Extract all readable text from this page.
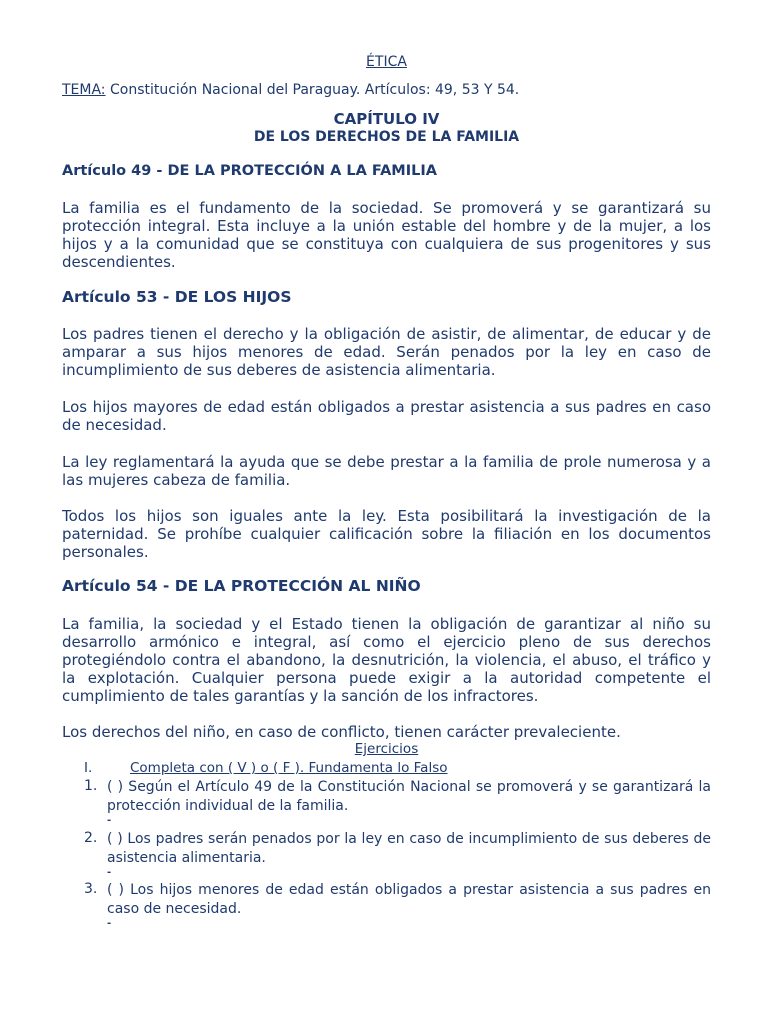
ÉTICA
TEMA: Constitución Nacional del Paraguay. Artículos: 49, 53 Y 54.
CAPÍTULO IV
DE LOS DERECHOS DE LA FAMILIA
Artículo 49 - DE LA PROTECCIÓN A LA FAMILIA
La familia es el fundamento de la sociedad. Se promoverá y se garantizará su protección integral. Esta incluye a la unión estable del hombre y de la mujer, a los hijos y a la comunidad que se constituya con cualquiera de sus progenitores y sus descendientes.
Artículo 53 - DE LOS HIJOS
Los padres tienen el derecho y la obligación de asistir, de alimentar, de educar y de amparar a sus hijos menores de edad. Serán penados por la ley en caso de incumplimiento de sus deberes de asistencia alimentaria.
Los hijos mayores de edad están obligados a prestar asistencia a sus padres en caso de necesidad.
La ley reglamentará la ayuda que se debe prestar a la familia de prole numerosa y a las mujeres cabeza de familia.
Todos los hijos son iguales ante la ley. Esta posibilitará la investigación de la paternidad. Se prohíbe cualquier calificación sobre la filiación en los documentos personales.
Artículo 54 - DE LA PROTECCIÓN AL NIÑO
La familia, la sociedad y el Estado tienen la obligación de garantizar al niño su desarrollo armónico e integral, así como el ejercicio pleno de sus derechos protegiéndolo contra el abandono, la desnutrición, la violencia, el abuso, el tráfico y la explotación. Cualquier persona puede exigir a la autoridad competente el cumplimiento de tales garantías y la sanción de los infractores.
Los derechos del niño, en caso de conflicto, tienen carácter prevaleciente.
Ejercicios
I.	Completa con ( V ) o ( F ). Fundamenta lo Falso
1. ( ) Según el Artículo 49 de la Constitución Nacional se promoverá y se garantizará la protección individual de la familia.
-
2. ( ) Los padres serán penados por la ley en caso de incumplimiento de sus deberes de asistencia alimentaria.
-
3. ( ) Los hijos menores de edad están obligados a prestar asistencia a sus padres en caso de necesidad.
-
